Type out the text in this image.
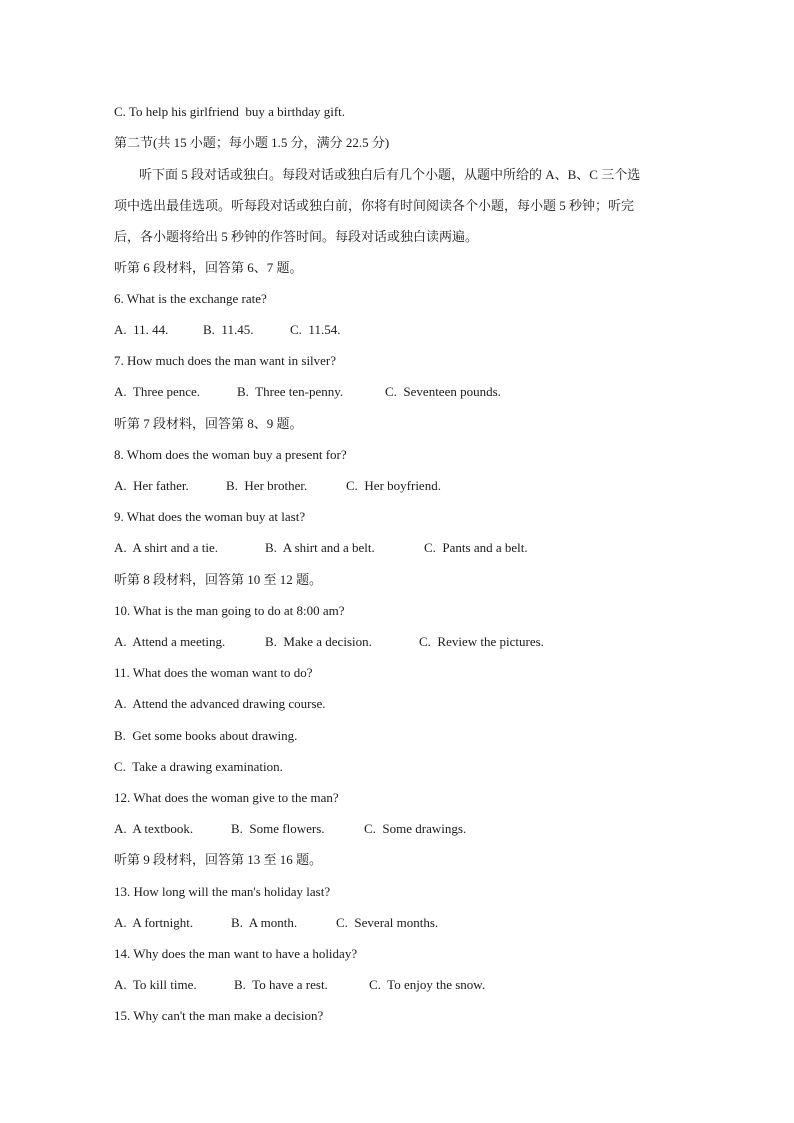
C. To help his girlfriend  buy a birthday gift.
第二节(共 15 小题；每小题 1.5 分，满分 22.5 分)
听下面 5 段对话或独白。每段对话或独白后有几个小题，从题中所给的 A、B、C 三个选
项中选出最佳选项。听每段对话或独白前，你将有时间阅读各个小题，每小题 5 秒钟；听完
后，各小题将给出 5 秒钟的作答时间。每段对话或独白读两遍。
听第 6 段材料，回答第 6、7 题。
6. What is the exchange rate?
A.  11. 44.	B.  11.45.	C.  11.54.
7. How much does the man want in silver?
A.  Three pence.	B.  Three ten-penny.	C.  Seventeen pounds.
听第 7 段材料，回答第 8、9 题。
8. Whom does the woman buy a present for?
A.  Her father.	B.  Her brother.	C.  Her boyfriend.
9. What does the woman buy at last?
A.  A shirt and a tie.	B.  A shirt and a belt.	C.  Pants and a belt.
听第 8 段材料，回答第 10 至 12 题。
10. What is the man going to do at 8:00 am?
A.  Attend a meeting.	B.  Make a decision.	C.  Review the pictures.
11. What does the woman want to do?
A.  Attend the advanced drawing course.
B.  Get some books about drawing.
C.  Take a drawing examination.
12. What does the woman give to the man?
A.  A textbook.	B.  Some flowers.	C.  Some drawings.
听第 9 段材料，回答第 13 至 16 题。
13. How long will the man's holiday last?
A.  A fortnight.	B.  A month.	C.  Several months.
14. Why does the man want to have a holiday?
A.  To kill time.	B.  To have a rest.	C.  To enjoy the snow.
15. Why can't the man make a decision?
